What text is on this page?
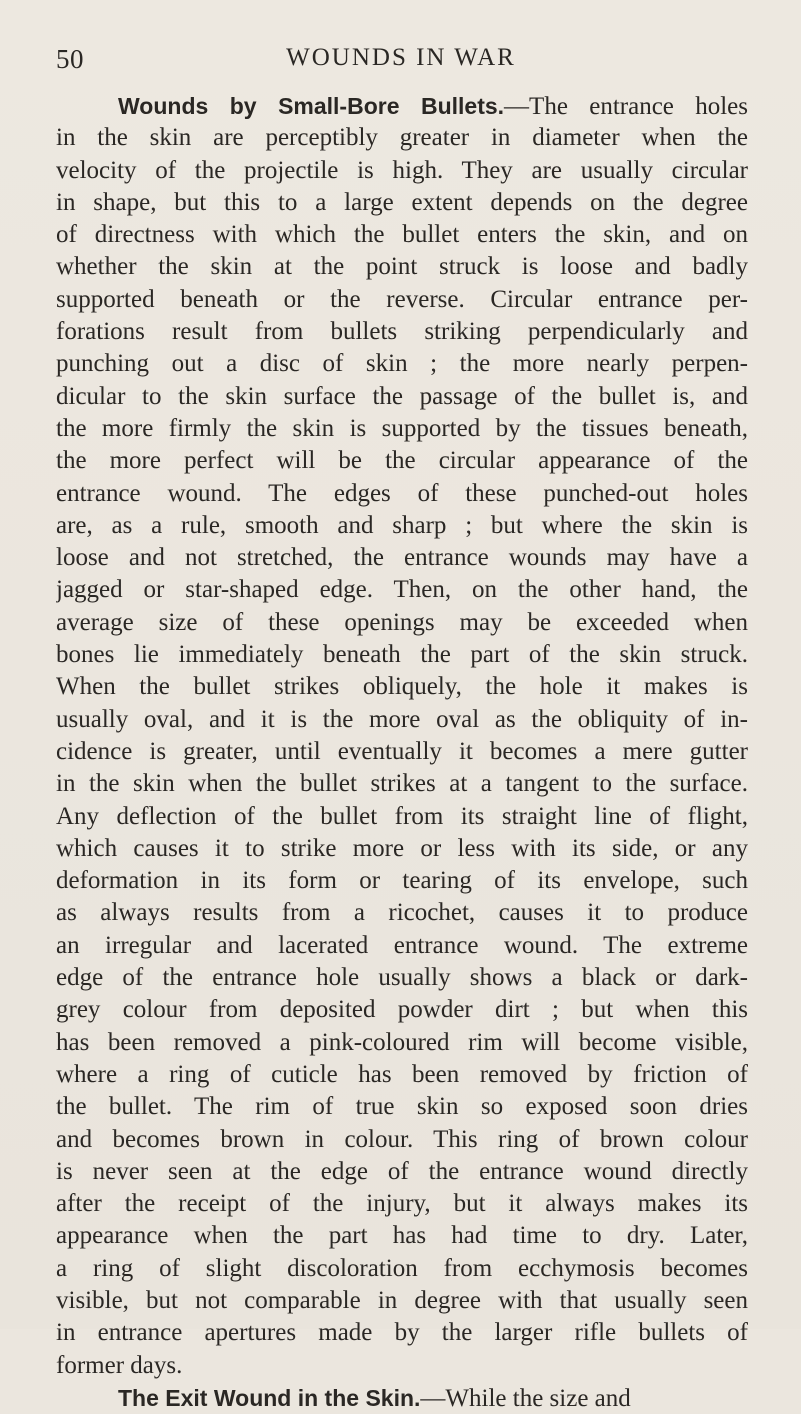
50	WOUNDS IN WAR
Wounds by Small-Bore Bullets.—The entrance holes
in the skin are perceptibly greater in diameter when the
velocity of the projectile is high. They are usually circular
in shape, but this to a large extent depends on the degree
of directness with which the bullet enters the skin, and on
whether the skin at the point struck is loose and badly
supported beneath or the reverse. Circular entrance per-
forations result from bullets striking perpendicularly and
punching out a disc of skin ; the more nearly perpen-
dicular to the skin surface the passage of the bullet is, and
the more firmly the skin is supported by the tissues beneath,
the more perfect will be the circular appearance of the
entrance wound. The edges of these punched-out holes
are, as a rule, smooth and sharp ; but where the skin is
loose and not stretched, the entrance wounds may have a
jagged or star-shaped edge. Then, on the other hand, the
average size of these openings may be exceeded when
bones lie immediately beneath the part of the skin struck.
When the bullet strikes obliquely, the hole it makes is
usually oval, and it is the more oval as the obliquity of in-
cidence is greater, until eventually it becomes a mere gutter
in the skin when the bullet strikes at a tangent to the surface.
Any deflection of the bullet from its straight line of flight,
which causes it to strike more or less with its side, or any
deformation in its form or tearing of its envelope, such
as always results from a ricochet, causes it to produce
an irregular and lacerated entrance wound. The extreme
edge of the entrance hole usually shows a black or dark-
grey colour from deposited powder dirt ; but when this
has been removed a pink-coloured rim will become visible,
where a ring of cuticle has been removed by friction of
the bullet. The rim of true skin so exposed soon dries
and becomes brown in colour. This ring of brown colour
is never seen at the edge of the entrance wound directly
after the receipt of the injury, but it always makes its
appearance when the part has had time to dry. Later,
a ring of slight discoloration from ecchymosis becomes
visible, but not comparable in degree with that usually seen
in entrance apertures made by the larger rifle bullets of
former days.
The Exit Wound in the Skin.—While the size and
